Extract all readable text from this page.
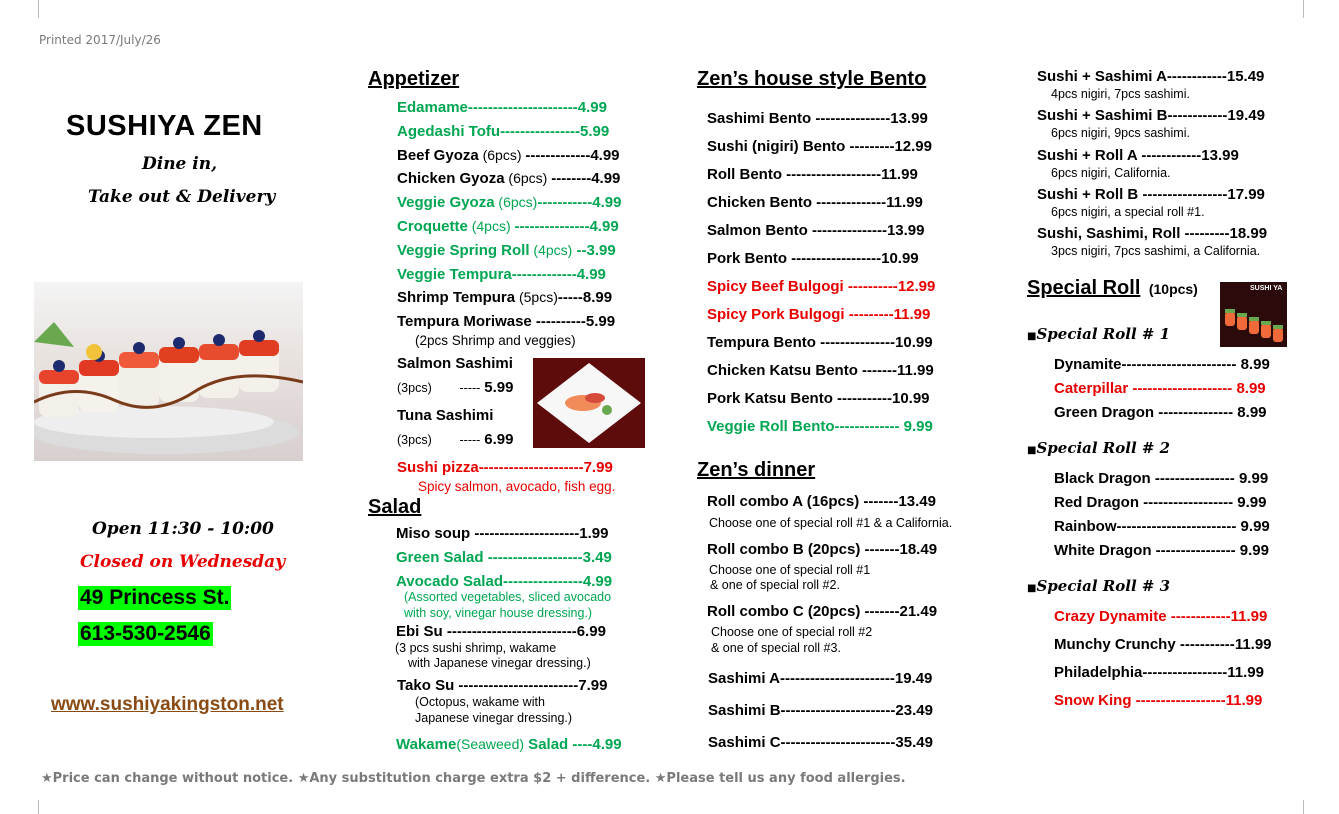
Printed 2017/July/26
SUSHIYA ZEN
Dine in,
Take out & Delivery
Open 11:30 - 10:00
Closed on Wednesday
49 Princess St.
613-530-2546
www.sushiyakingston.net
Appetizer
Edamame----------------------4.99
Agedashi Tofu----------------5.99
Beef Gyoza (6pcs) -------------4.99
Chicken Gyoza (6pcs) --------4.99
Veggie Gyoza (6pcs)-----------4.99
Croquette (4pcs) ---------------4.99
Veggie Spring Roll (4pcs) --3.99
Veggie Tempura-------------4.99
Shrimp Tempura (5pcs)-----8.99
Tempura Moriwase ----------5.99
(2pcs Shrimp and veggies)
Salmon Sashimi
(3pcs) ----- 5.99
Tuna Sashimi
(3pcs) ----- 6.99
Sushi pizza---------------------7.99
Spicy salmon, avocado, fish egg.
Salad
Miso soup ---------------------1.99
Green Salad -------------------3.49
Avocado Salad----------------4.99
(Assorted vegetables, sliced avocado
with soy, vinegar house dressing.)
Ebi Su --------------------------6.99
(3 pcs sushi shrimp, wakame
with Japanese vinegar dressing.)
Tako Su ------------------------7.99
(Octopus, wakame with
Japanese vinegar dressing.)
Wakame(Seaweed) Salad ----4.99
Zen’s house style Bento
Sashimi Bento ---------------13.99
Sushi (nigiri) Bento ---------12.99
Roll Bento -------------------11.99
Chicken Bento --------------11.99
Salmon Bento ---------------13.99
Pork Bento ------------------10.99
Spicy Beef Bulgogi ----------12.99
Spicy Pork Bulgogi ---------11.99
Tempura Bento ---------------10.99
Chicken Katsu Bento -------11.99
Pork Katsu Bento -----------10.99
Veggie Roll Bento------------- 9.99
Zen’s dinner
Roll combo A (16pcs) -------13.49
Choose one of special roll #1 & a California.
Roll combo B (20pcs) -------18.49
Choose one of special roll #1
& one of special roll #2.
Roll combo C (20pcs) -------21.49
Choose one of special roll #2
& one of special roll #3.
Sashimi A-----------------------19.49
Sashimi B-----------------------23.49
Sashimi C-----------------------35.49
Sushi + Sashimi A------------15.49
4pcs nigiri, 7pcs sashimi.
Sushi + Sashimi B------------19.49
6pcs nigiri, 9pcs sashimi.
Sushi + Roll A ------------13.99
6pcs nigiri, California.
Sushi + Roll B -----------------17.99
6pcs nigiri, a special roll #1.
Sushi, Sashimi, Roll ---------18.99
3pcs nigiri, 7pcs sashimi, a California.
Special Roll (10pcs)	SUSHI YA
■Special Roll # 1
Dynamite----------------------- 8.99
Caterpillar -------------------- 8.99
Green Dragon --------------- 8.99
■Special Roll # 2
Black Dragon ---------------- 9.99
Red Dragon ------------------ 9.99
Rainbow------------------------ 9.99
White Dragon ---------------- 9.99
■Special Roll # 3
Crazy Dynamite ------------11.99
Munchy Crunchy -----------11.99
Philadelphia-----------------11.99
Snow King ------------------11.99
★Price can change without notice. ★Any substitution charge extra $2 + difference. ★Please tell us any food allergies.
